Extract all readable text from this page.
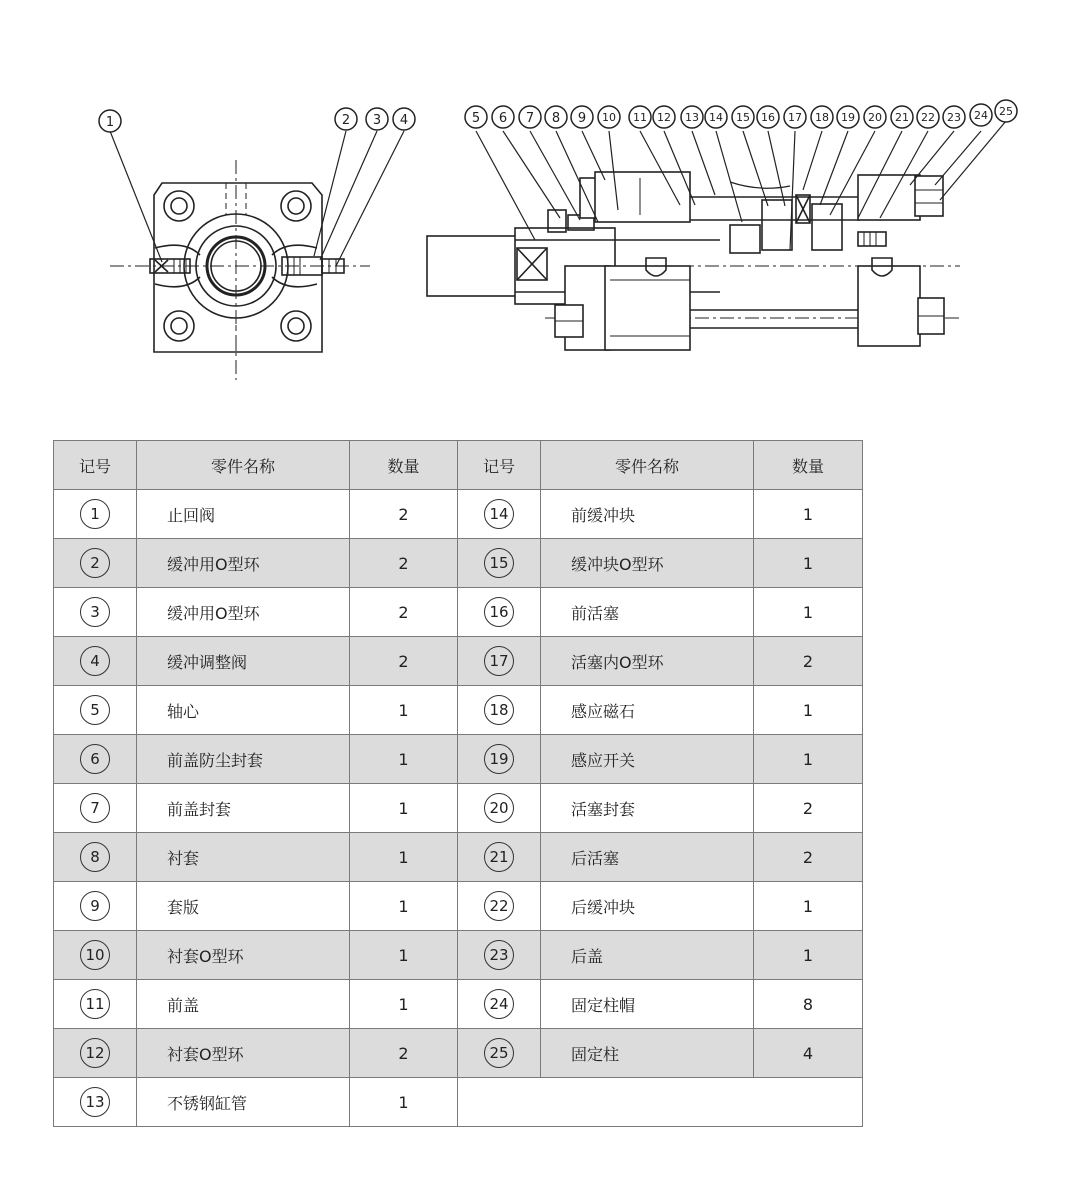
1	2 3 4	5 6 7 8 9 10 11 12 13 14 15 16 17 18 19 20 21 22 23 24 25
记号	零件名称	数量	记号	零件名称	数量
1	止回阀	2	14	前缓冲块	1
2	缓冲用O型环	2	15	缓冲块O型环	1
3	缓冲用O型环	2	16	前活塞	1
4	缓冲调整阀	2	17	活塞内O型环	2
5	轴心	1	18	感应磁石	1
6	前盖防尘封套	1	19	感应开关	1
7	前盖封套	1	20	活塞封套	2
8	衬套	1	21	后活塞	2
9	套版	1	22	后缓冲块	1
10	衬套O型环	1	23	后盖	1
11	前盖	1	24	固定柱帽	8
12	衬套O型环	2	25	固定柱	4
13	不锈钢缸管	1			
